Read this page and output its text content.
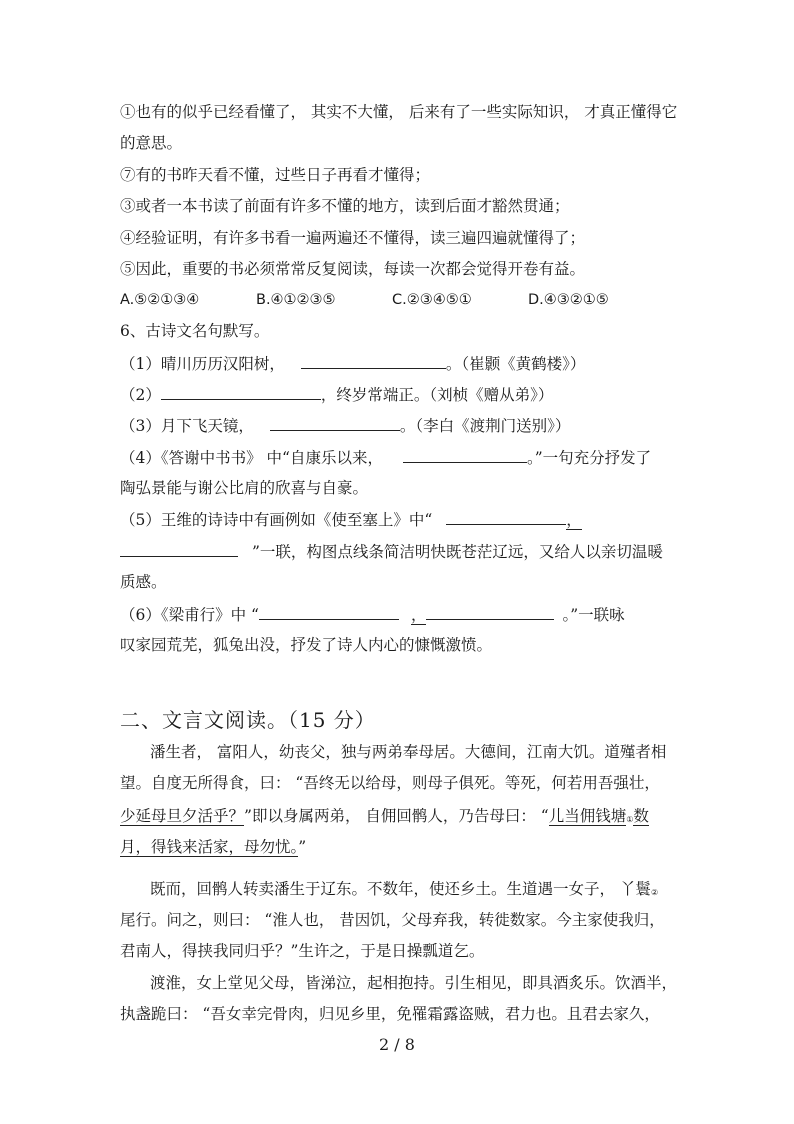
①也有的似乎已经看懂了， 其实不大懂， 后来有了一些实际知识， 才真正懂得它
的意思。
⑦有的书昨天看不懂，过些日子再看才懂得；
③或者一本书读了前面有许多不懂的地方，读到后面才豁然贯通；
④经验证明，有许多书看一遍两遍还不懂得，读三遍四遍就懂得了；
⑤因此，重要的书必须常常反复阅读，每读一次都会觉得开卷有益。
A.⑤②①③④	B.④①②③⑤	C.②③④⑤①	D.④③②①⑤
6、古诗文名句默写。
（1）晴川历历汉阳树，	。（崔颢《黄鹤楼》）
（2）	，终岁常端正。（刘桢《赠从弟》）
（3）月下飞天镜，	。（李白《渡荆门送别》）
（4）《答谢中书书》 中“自康乐以来，	。”一句充分抒发了
陶弘景能与谢公比肩的欣喜与自豪。
（5）王维的诗诗中有画例如《使至塞上》中“	，
”一联，构图点线条简洁明快既苍茫辽远，又给人以亲切温暖
质感。
（6）《梁甫行》中 “	，	。”一联咏
叹家园荒芜，狐兔出没，抒发了诗人内心的慷慨激愤。
二、文言文阅读。（15 分）
潘生者， 富阳人，幼丧父，独与两弟奉母居。大德间，江南大饥。道殣者相
望。自度无所得食，曰： “吾终无以给母，则母子俱死。等死，何若用吾强壮，
少延母旦夕活乎？”即以身属两弟， 自佣回鹘人，乃告母曰： “儿当佣钱塘①数
月，得钱来活家，母勿忧。”
既而，回鹘人转卖潘生于辽东。不数年，使还乡土。生道遇一女子， 丫鬟②
尾行。问之，则曰： “淮人也， 昔因饥，父母弃我，转徙数家。今主家使我归，
君南人，得挟我同归乎？”生许之，于是日操瓢道乞。
渡淮，女上堂见父母，皆涕泣，起相抱持。引生相见，即具酒炙乐。饮酒半，
执盏跪曰： “吾女幸完骨肉，归见乡里，免罹霜露盗贼，君力也。且君去家久，
2 / 8
